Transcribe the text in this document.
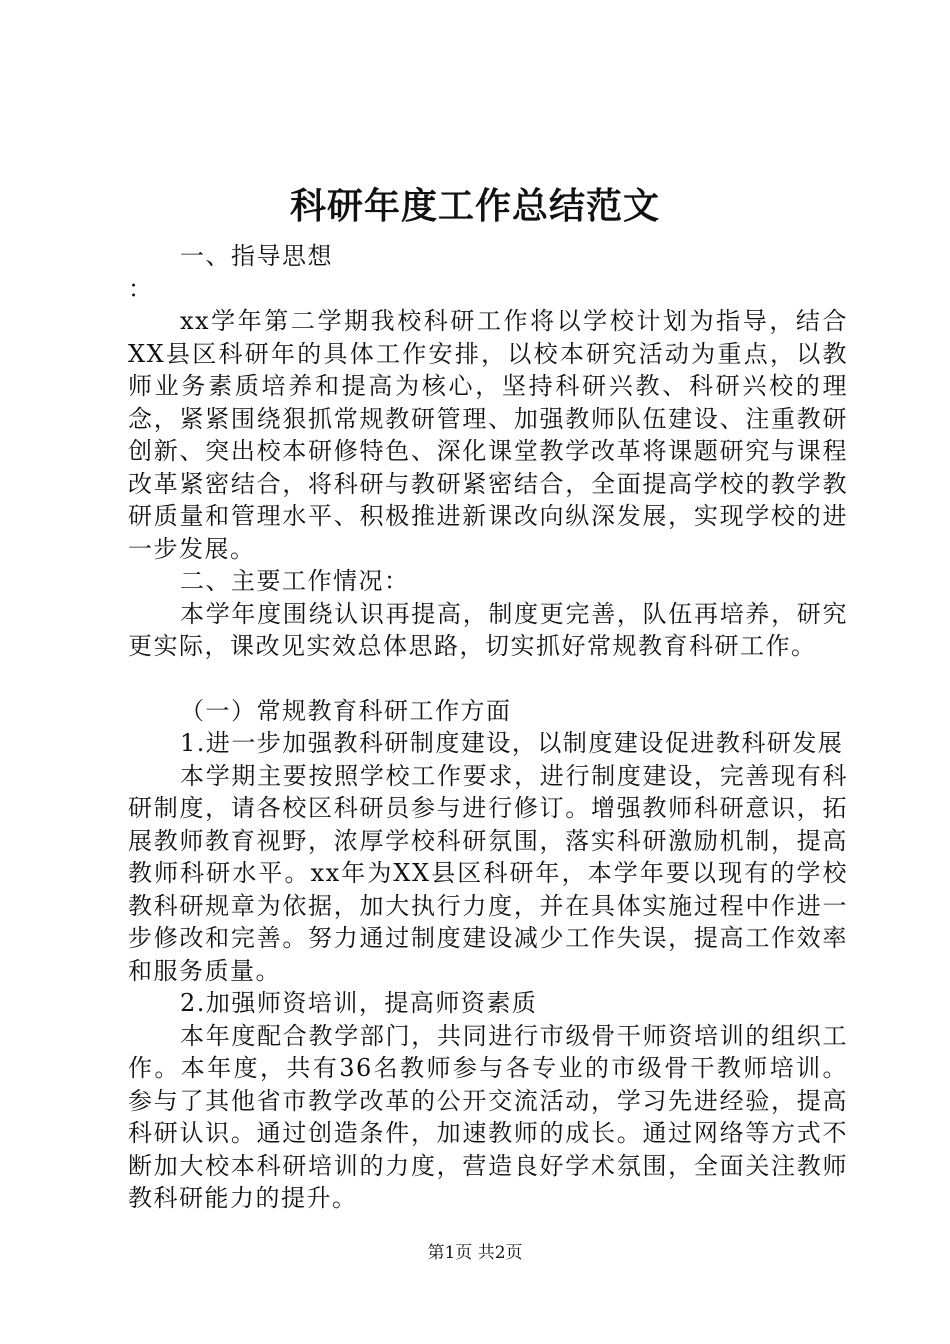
科研年度工作总结范文

一、指导思想

：

xx学年第二学期我校科研工作将以学校计划为指导，结合XX县区科研年的具体工作安排，以校本研究活动为重点，以教师业务素质培养和提高为核心，坚持科研兴教、科研兴校的理念，紧紧围绕狠抓常规教研管理、加强教师队伍建设、注重教研创新、突出校本研修特色、深化课堂教学改革将课题研究与课程改革紧密结合，将科研与教研紧密结合，全面提高学校的教学教研质量和管理水平、积极推进新课改向纵深发展，实现学校的进一步发展。

二、主要工作情况：

本学年度围绕认识再提高，制度更完善，队伍再培养，研究更实际，课改见实效总体思路，切实抓好常规教育科研工作。

（一）常规教育科研工作方面

1.进一步加强教科研制度建设，以制度建设促进教科研发展

本学期主要按照学校工作要求，进行制度建设，完善现有科研制度，请各校区科研员参与进行修订。增强教师科研意识，拓展教师教育视野，浓厚学校科研氛围，落实科研激励机制，提高教师科研水平。xx年为XX县区科研年，本学年要以现有的学校教科研规章为依据，加大执行力度，并在具体实施过程中作进一步修改和完善。努力通过制度建设减少工作失误，提高工作效率和服务质量。

2.加强师资培训，提高师资素质

本年度配合教学部门，共同进行市级骨干师资培训的组织工作。本年度，共有36名教师参与各专业的市级骨干教师培训。参与了其他省市教学改革的公开交流活动，学习先进经验，提高科研认识。通过创造条件，加速教师的成长。通过网络等方式不断加大校本科研培训的力度，营造良好学术氛围，全面关注教师教科研能力的提升。

第1页 共2页
